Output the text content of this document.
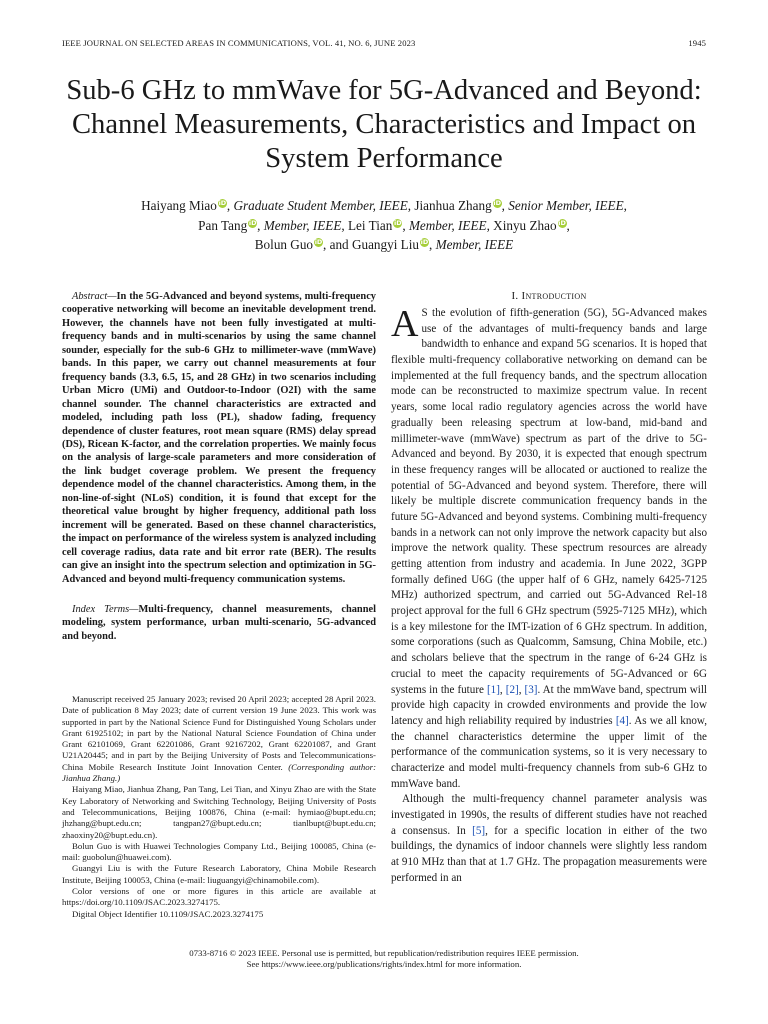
IEEE JOURNAL ON SELECTED AREAS IN COMMUNICATIONS, VOL. 41, NO. 6, JUNE 2023	1945
Sub-6 GHz to mmWave for 5G-Advanced and Beyond: Channel Measurements, Characteristics and Impact on System Performance
Haiyang Miao iD, Graduate Student Member, IEEE, Jianhua Zhang iD, Senior Member, IEEE,
Pan Tang iD, Member, IEEE, Lei Tian iD, Member, IEEE, Xinyu Zhao iD,
Bolun Guo iD, and Guangyi Liu iD, Member, IEEE
Abstract—In the 5G-Advanced and beyond systems, multi-frequency cooperative networking will become an inevitable development trend. However, the channels have not been fully investigated at multi-frequency bands and in multi-scenarios by using the same channel sounder, especially for the sub-6 GHz to millimeter-wave (mmWave) bands. In this paper, we carry out channel measurements at four frequency bands (3.3, 6.5, 15, and 28 GHz) in two scenarios including Urban Micro (UMi) and Outdoor-to-Indoor (O2I) with the same channel sounder. The channel characteristics are extracted and modeled, including path loss (PL), shadow fading, frequency dependence of cluster features, root mean square (RMS) delay spread (DS), Ricean K-factor, and the correlation properties. We mainly focus on the analysis of large-scale parameters and more consideration of the link budget coverage problem. We present the frequency dependence model of the channel characteristics. Among them, in the non-line-of-sight (NLoS) condition, it is found that except for the theoretical value brought by higher frequency, additional path loss increment will be generated. Based on these channel characteristics, the impact on performance of the wireless system is analyzed including cell coverage radius, data rate and bit error rate (BER). The results can give an insight into the spectrum selection and optimization in 5G-Advanced and beyond multi-frequency communication systems.
Index Terms—Multi-frequency, channel measurements, channel modeling, system performance, urban multi-scenario, 5G-advanced and beyond.

Manuscript received 25 January 2023; revised 20 April 2023; accepted 28 April 2023. Date of publication 8 May 2023; date of current version 19 June 2023. This work was supported in part by the National Science Fund for Distinguished Young Scholars under Grant 61925102; in part by the National Natural Science Foundation of China under Grant 62101069, Grant 62201086, Grant 92167202, Grant 62201087, and Grant U21A20445; and in part by the Beijing University of Posts and Telecommunications-China Mobile Research Institute Joint Innovation Center. (Corresponding author: Jianhua Zhang.)

Haiyang Miao, Jianhua Zhang, Pan Tang, Lei Tian, and Xinyu Zhao are with the State Key Laboratory of Networking and Switching Technology, Beijing University of Posts and Telecommunications, Beijing 100876, China (e-mail: hymiao@bupt.edu.cn; jhzhang@bupt.edu.cn; tangpan27@bupt.edu.cn; tianlbupt@bupt.edu.cn; zhaoxiny20@bupt.edu.cn).

Bolun Guo is with Huawei Technologies Company Ltd., Beijing 100085, China (e-mail: guobolun@huawei.com).

Guangyi Liu is with the Future Research Laboratory, China Mobile Research Institute, Beijing 100053, China (e-mail: liuguangyi@chinamobile.com).

Color versions of one or more figures in this article are available at https://doi.org/10.1109/JSAC.2023.3274175.

Digital Object Identifier 10.1109/JSAC.2023.3274175

I. Introduction

A S the evolution of fifth-generation (5G), 5G-Advanced makes use of the advantages of multi-frequency bands and large bandwidth to enhance and expand 5G scenarios. It is hoped that flexible multi-frequency collaborative networking on demand can be implemented at the full frequency bands, and the spectrum allocation mode can be reconstructed to maximize spectrum value. In recent years, some local radio regulatory agencies across the world have gradually been releasing spectrum at low-band, mid-band and millimeter-wave (mmWave) spectrum as part of the drive to 5G-Advanced and beyond. By 2030, it is expected that enough spectrum in these frequency ranges will be allocated or auctioned to realize the potential of 5G-Advanced and beyond system. Therefore, there will likely be multiple discrete communication frequency bands in the future 5G-Advanced and beyond systems. Combining multi-frequency bands in a network can not only improve the network capacity but also improve the network quality. These spectrum resources are already getting attention from industry and academia. In June 2022, 3GPP formally defined U6G (the upper half of 6 GHz, namely 6425-7125 MHz) authorized spectrum, and carried out 5G-Advanced Rel-18 project approval for the full 6 GHz spectrum (5925-7125 MHz), which is a key milestone for the IMT-ization of 6 GHz spectrum. In addition, some corporations (such as Qualcomm, Samsung, China Mobile, etc.) and scholars believe that the spectrum in the range of 6-24 GHz is crucial to meet the capacity requirements of 5G-Advanced or 6G systems in the future [1], [2], [3]. At the mmWave band, spectrum will provide high capacity in crowded environments and provide the low latency and high reliability required by industries [4]. As we all know, the channel characteristics determine the upper limit of the performance of the communication systems, so it is very necessary to characterize and model multi-frequency channels from sub-6 GHz to mmWave band.

Although the multi-frequency channel parameter analysis was investigated in 1990s, the results of different studies have not reached a consensus. In [5], for a specific location in either of the two buildings, the dynamics of indoor channels were slightly less random at 910 MHz than that at 1.7 GHz. The propagation measurements were performed in an

0733-8716 © 2023 IEEE. Personal use is permitted, but republication/redistribution requires IEEE permission.
See https://www.ieee.org/publications/rights/index.html for more information.
